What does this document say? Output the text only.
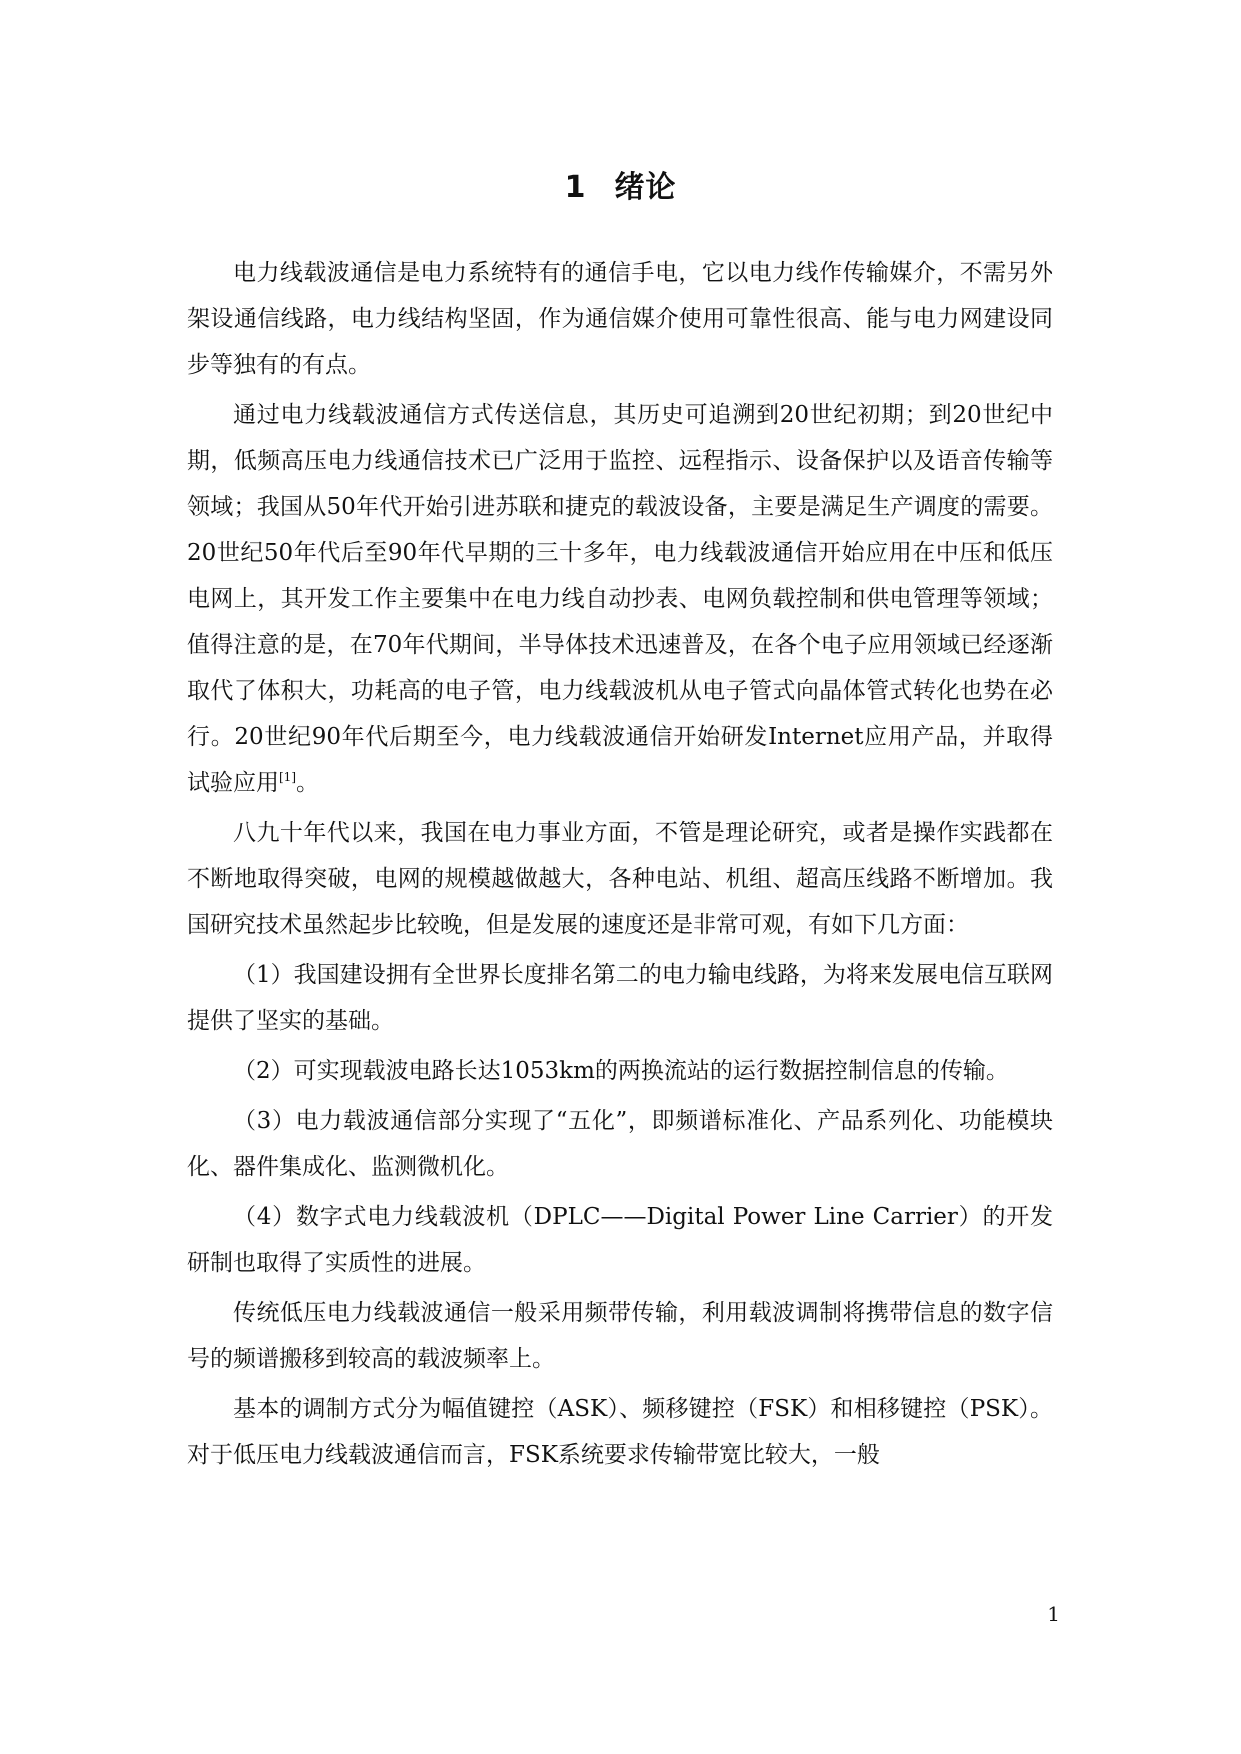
1 绪论

电力线载波通信是电力系统特有的通信手电，它以电力线作传输媒介，不需另外架设通信线路，电力线结构坚固，作为通信媒介使用可靠性很高、能与电力网建设同步等独有的有点。

通过电力线载波通信方式传送信息，其历史可追溯到20世纪初期；到20世纪中期，低频高压电力线通信技术已广泛用于监控、远程指示、设备保护以及语音传输等领域；我国从50年代开始引进苏联和捷克的载波设备，主要是满足生产调度的需要。20世纪50年代后至90年代早期的三十多年，电力线载波通信开始应用在中压和低压电网上，其开发工作主要集中在电力线自动抄表、电网负载控制和供电管理等领域；值得注意的是，在70年代期间，半导体技术迅速普及，在各个电子应用领域已经逐渐取代了体积大，功耗高的电子管，电力线载波机从电子管式向晶体管式转化也势在必行。20世纪90年代后期至今，电力线载波通信开始研发Internet应用产品，并取得试验应用[1]。

八九十年代以来，我国在电力事业方面，不管是理论研究，或者是操作实践都在不断地取得突破，电网的规模越做越大，各种电站、机组、超高压线路不断增加。我国研究技术虽然起步比较晚，但是发展的速度还是非常可观，有如下几方面：

（1）我国建设拥有全世界长度排名第二的电力输电线路，为将来发展电信互联网提供了坚实的基础。

（2）可实现载波电路长达1053km的两换流站的运行数据控制信息的传输。

（3）电力载波通信部分实现了“五化”，即频谱标准化、产品系列化、功能模块化、器件集成化、监测微机化。

（4）数字式电力线载波机（DPLC——Digital Power Line Carrier）的开发研制也取得了实质性的进展。

传统低压电力线载波通信一般采用频带传输，利用载波调制将携带信息的数字信号的频谱搬移到较高的载波频率上。

基本的调制方式分为幅值键控（ASK）、频移键控（FSK）和相移键控（PSK）。对于低压电力线载波通信而言，FSK系统要求传输带宽比较大，一般

1
